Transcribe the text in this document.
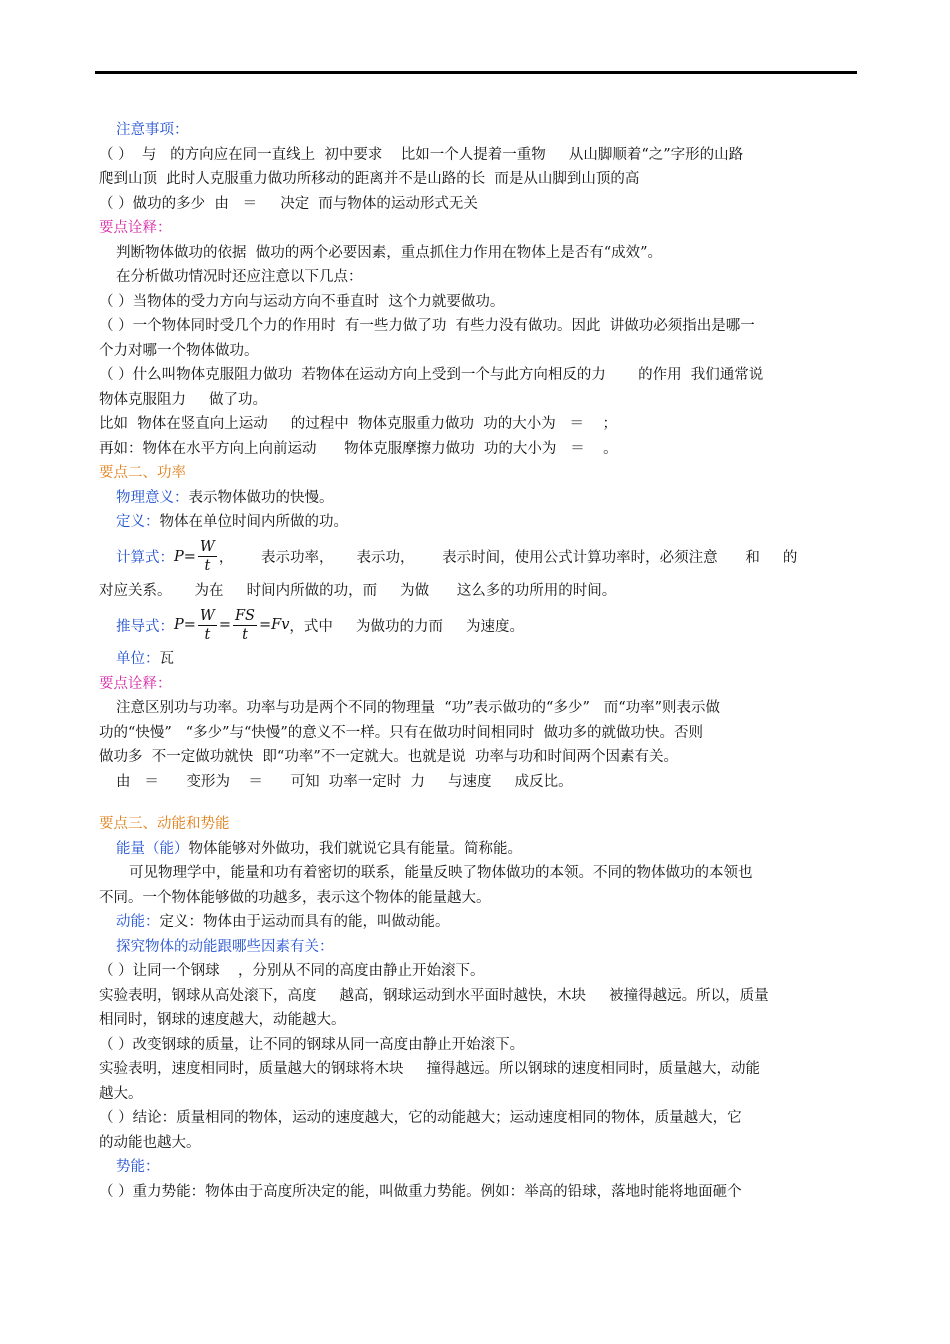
注意事项：
（ ）  与   的方向应在同一直线上  初中要求    比如一个人提着一重物     从山脚顺着“之”字形的山路
爬到山顶  此时人克服重力做功所移动的距离并不是山路的长  而是从山脚到山顶的高
（ ）做功的多少  由   ＝     决定  而与物体的运动形式无关
要点诠释：
判断物体做功的依据  做功的两个必要因素，重点抓住力作用在物体上是否有“成效”。
在分析做功情况时还应注意以下几点：
（ ）当物体的受力方向与运动方向不垂直时  这个力就要做功。
（ ）一个物体同时受几个力的作用时  有一些力做了功  有些力没有做功。因此  讲做功必须指出是哪一
个力对哪一个物体做功。
（ ）什么叫物体克服阻力做功  若物体在运动方向上受到一个与此方向相反的力       的作用  我们通常说
物体克服阻力     做了功。
比如  物体在竖直向上运动     的过程中  物体克服重力做功  功的大小为   ＝    ；
再如：物体在水平方向上向前运动      物体克服摩擦力做功  功的大小为   ＝    。
要点二、功率
物理意义：表示物体做功的快慢。
定义：物体在单位时间内所做的功。
计算式： $P = \frac{W}{t}$ ，      表示功率，     表示功，      表示时间，使用公式计算功率时，必须注意      和     的
对应关系。     为在     时间内所做的功，而     为做      这么多的功所用的时间。
推导式： $P = \frac{W}{t} = \frac{FS}{t} = Fv$ ，式中     为做功的力而     为速度。
单位：瓦
要点诠释：
注意区别功与功率。功率与功是两个不同的物理量  “功”表示做功的“多少”   而“功率”则表示做
功的“快慢”   “多少”与“快慢”的意义不一样。只有在做功时间相同时  做功多的就做功快。否则
做功多  不一定做功就快  即“功率”不一定就大。也就是说  功率与功和时间两个因素有关。
由   ＝      变形为    ＝      可知  功率一定时  力     与速度     成反比。
要点三、动能和势能
能量（能）物体能够对外做功，我们就说它具有能量。简称能。
可见物理学中，能量和功有着密切的联系，能量反映了物体做功的本领。不同的物体做功的本领也
不同。一个物体能够做的功越多，表示这个物体的能量越大。
动能：定义：物体由于运动而具有的能，叫做动能。
探究物体的动能跟哪些因素有关：
（ ）让同一个钢球    ，分别从不同的高度由静止开始滚下。
实验表明，钢球从高处滚下，高度     越高，钢球运动到水平面时越快，木块     被撞得越远。所以，质量
相同时，钢球的速度越大，动能越大。
（ ）改变钢球的质量，让不同的钢球从同一高度由静止开始滚下。
实验表明，速度相同时，质量越大的钢球将木块     撞得越远。所以钢球的速度相同时，质量越大，动能
越大。
（ ）结论：质量相同的物体，运动的速度越大，它的动能越大；运动速度相同的物体，质量越大，它
的动能也越大。
势能：
（ ）重力势能：物体由于高度所决定的能，叫做重力势能。例如：举高的铅球，落地时能将地面砸个
